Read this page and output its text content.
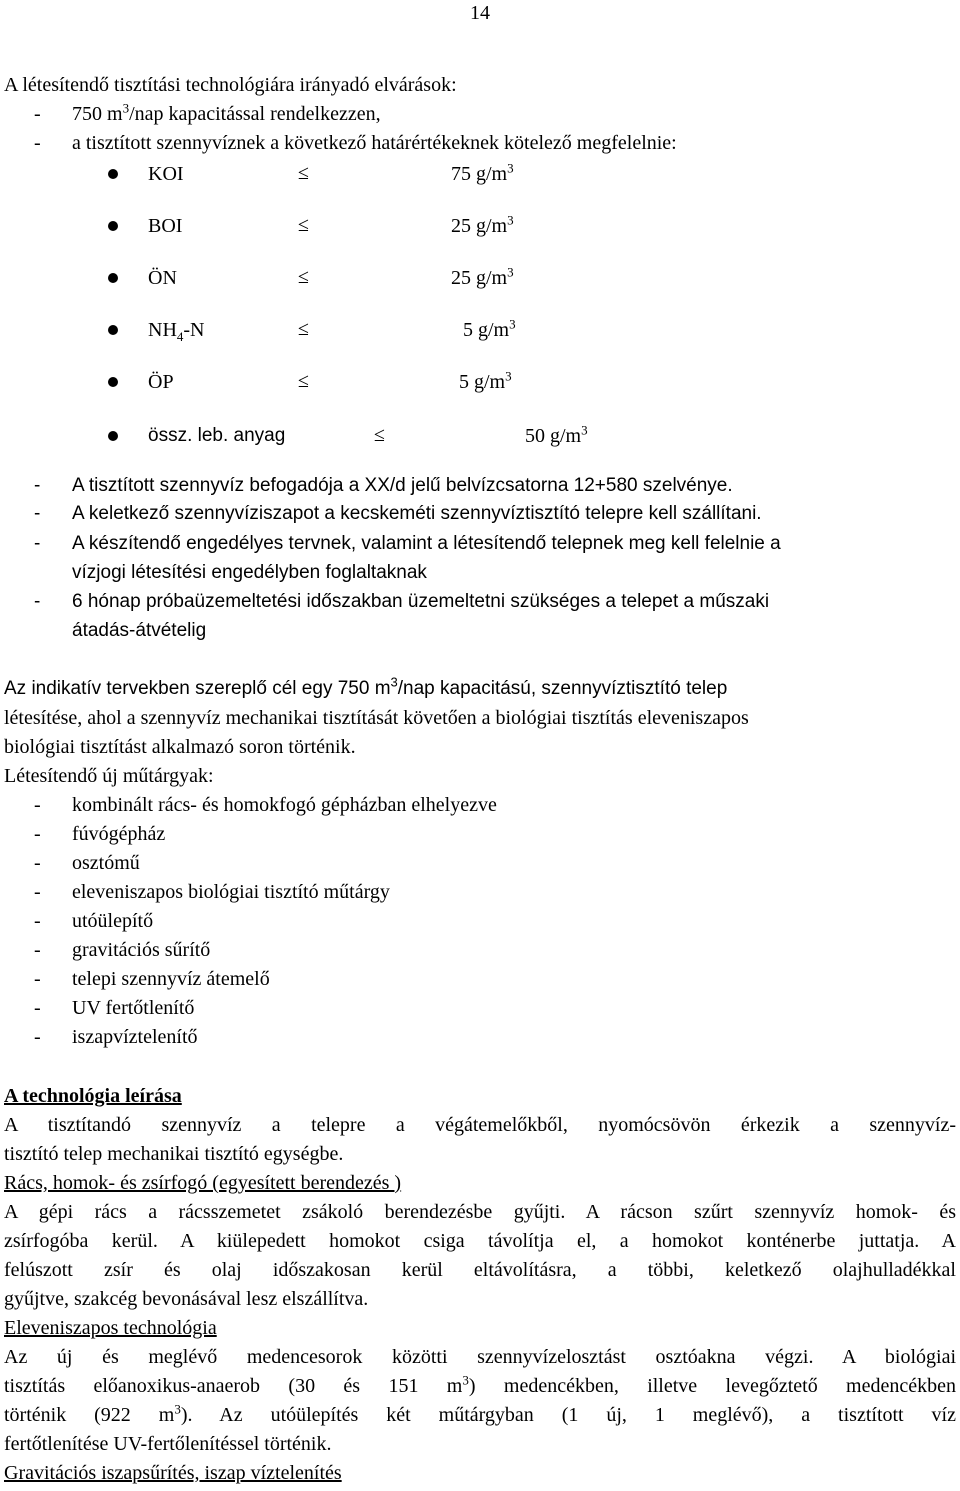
14
A létesítendő tisztítási technológiára irányadó elvárások:
- 750 $m^3$/nap kapacitással rendelkezzen,
- a tisztított szennyvíznek a következő határértékeknek kötelező megfelelnie:
KOI	≤	75 $g/m^3$
BOI	≤	25 $g/m^3$
ÖN	≤	25 $g/m^3$
$NH_4-N$	≤	5 $g/m^3$
ÖP	≤	5 $g/m^3$
össz. leb. anyag	≤	50 $g/m^3$
- A tisztított szennyvíz befogadója a XX/d jelű belvízcsatorna 12+580 szelvénye.
- A keletkező szennyvíziszapot a kecskeméti szennyvíztisztító telepre kell szállítani.
- A készítendő engedélyes tervnek, valamint a létesítendő telepnek meg kell felelnie a
vízjogi létesítési engedélyben foglaltaknak
- 6 hónap próbaüzemeltetési időszakban üzemeltetni szükséges a telepet a műszaki
átadás-átvételig
Az indikatív tervekben szereplő cél egy 750 $m^3$/nap kapacitású, szennyvíztisztító telep
létesítése, ahol a szennyvíz mechanikai tisztítását követően a biológiai tisztítás eleveniszapos
biológiai tisztítást alkalmazó soron történik.
Létesítendő új műtárgyak:
- kombinált rács- és homokfogó gépházban elhelyezve
- fúvógépház
- osztómű
- eleveniszapos biológiai tisztító műtárgy
- utóülepítő
- gravitációs sűrítő
- telepi szennyvíz átemelő
- UV fertőtlenítő
- iszapvíztelenítő
A technológia leírása
A tisztítandó szennyvíz a telepre a végátemelőkből, nyomócsövön érkezik a szennyvíz-
tisztító telep mechanikai tisztító egységbe.
Rács, homok- és zsírfogó (egyesített berendezés )
A gépi rács a rácsszemetet zsákoló berendezésbe gyűjti. A rácson szűrt szennyvíz homok- és
zsírfogóba kerül. A kiülepedett homokot csiga távolítja el, a homokot konténerbe juttatja. A
felúszott zsír és olaj időszakosan kerül eltávolításra, a többi, keletkező olajhulladékkal
gyűjtve, szakcég bevonásával lesz elszállítva.
Eleveniszapos technológia
Az új és meglévő medencesorok közötti szennyvízelosztást osztóakna végzi. A biológiai
tisztítás előanoxikus-anaerob (30 és 151 $m^3$) medencékben, illetve levegőztető medencékben
történik (922 $m^3$). Az utóülepítés két műtárgyban (1 új, 1 meglévő), a tisztított víz
fertőtlenítése UV-fertőlenítéssel történik.
Gravitációs iszapsűrítés, iszap víztelenítés
